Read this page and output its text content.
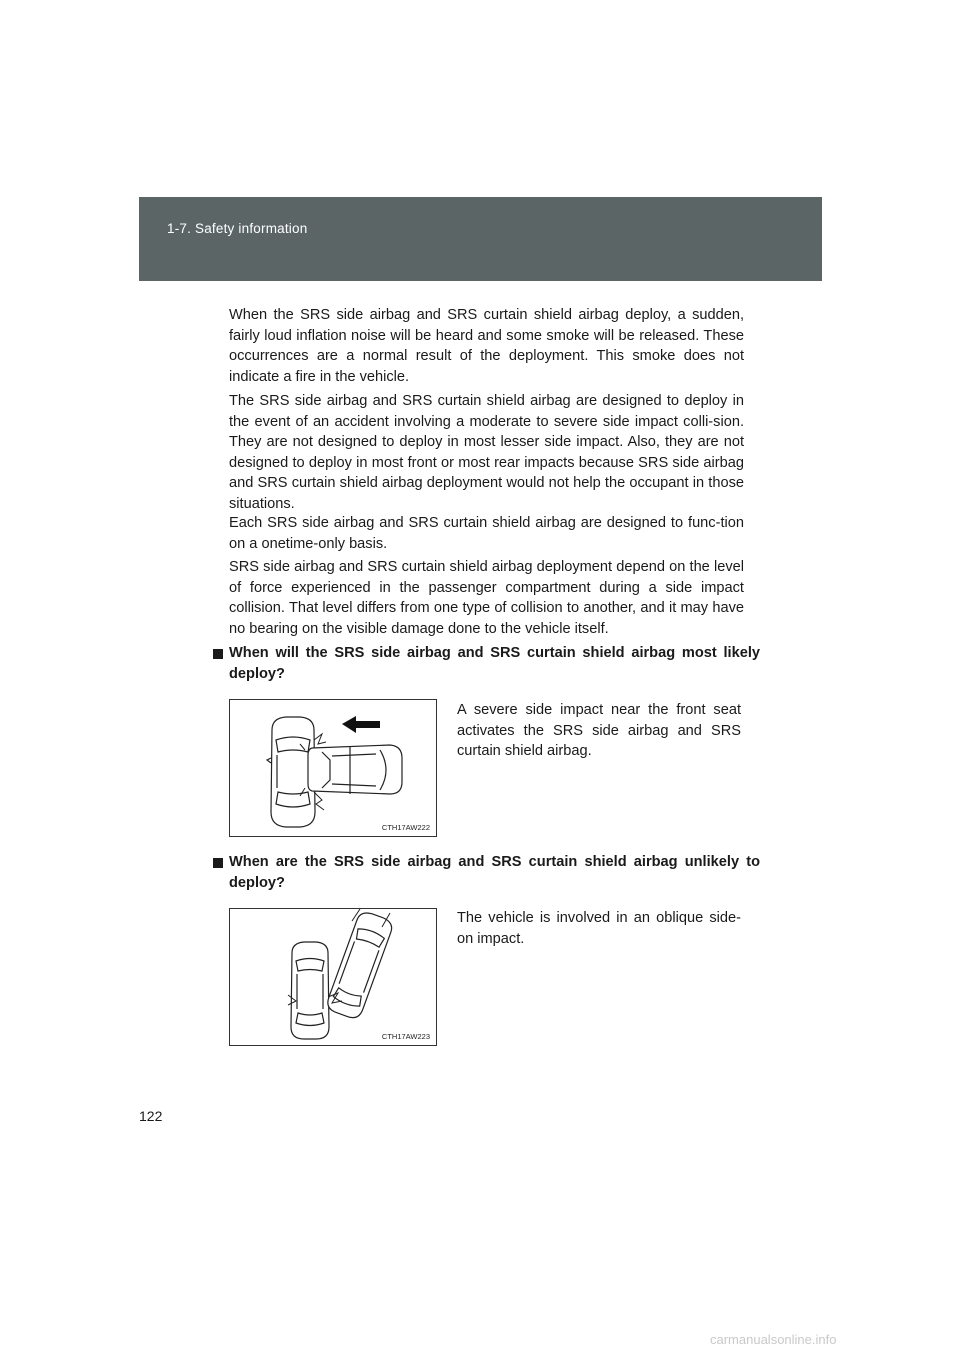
1-7. Safety information

When the SRS side airbag and SRS curtain shield airbag deploy, a sudden, fairly loud inflation noise will be heard and some smoke will be released. These occurrences are a normal result of the deployment. This smoke does not indicate a fire in the vehicle.

The SRS side airbag and SRS curtain shield airbag are designed to deploy in the event of an accident involving a moderate to severe side impact colli-sion. They are not designed to deploy in most lesser side impact. Also, they are not designed to deploy in most front or most rear impacts because SRS side airbag and SRS curtain shield airbag deployment would not help the occupant in those situations.

Each SRS side airbag and SRS curtain shield airbag are designed to func-tion on a onetime-only basis.

SRS side airbag and SRS curtain shield airbag deployment depend on the level of force experienced in the passenger compartment during a side impact collision. That level differs from one type of collision to another, and it may have no bearing on the visible damage done to the vehicle itself.

When will the SRS side airbag and SRS curtain shield airbag most likely deploy?
CTH17AW222

A severe side impact near the front seat activates the SRS side airbag and SRS curtain shield airbag.

When are the SRS side airbag and SRS curtain shield airbag unlikely to deploy?
CTH17AW223

The vehicle is involved in an oblique side-on impact.

122
carmanualsonline.info
